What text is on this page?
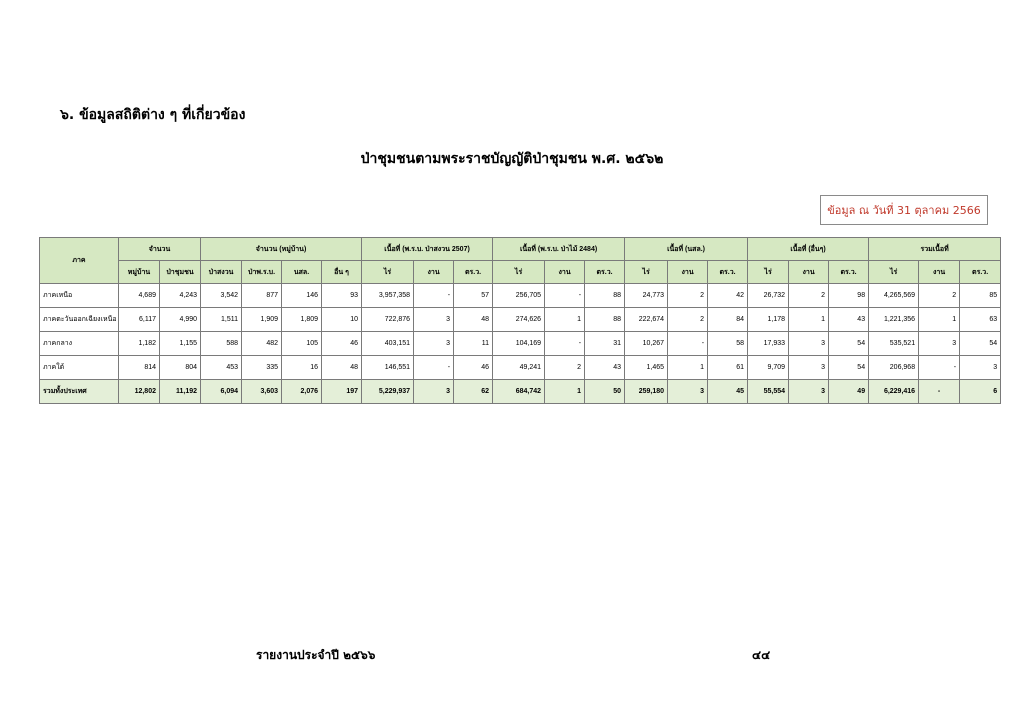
๖. ข้อมูลสถิติต่าง ๆ ที่เกี่ยวข้อง
ป่าชุมชนตามพระราชบัญญัติป่าชุมชน พ.ศ. ๒๕๖๒
ข้อมูล ณ วันที่ 31 ตุลาคม 2566
ภาค	จำนวน		จำนวน (หมู่บ้าน)				เนื้อที่ (พ.ร.บ. ป่าสงวน 2507)			เนื้อที่ (พ.ร.บ. ป่าไม้ 2484)			เนื้อที่ (นสล.)			เนื้อที่ (อื่นๆ)			รวมเนื้อที่		
	หมู่บ้าน	ป่าชุมชน	ป่าสงวน	ป่าพ.ร.บ.	นสล.	อื่น ๆ	ไร่	งาน	ตร.ว.	ไร่	งาน	ตร.ว.	ไร่	งาน	ตร.ว.	ไร่	งาน	ตร.ว.	ไร่	งาน	ตร.ว.
ภาคเหนือ	4,689	4,243	3,542	877	146	93	3,957,358	-	57	256,705	-	88	24,773	2	42	26,732	2	98	4,265,569	2	85
ภาคตะวันออกเฉียงเหนือ	6,117	4,990	1,511	1,909	1,809	10	722,876	3	48	274,626	1	88	222,674	2	84	1,178	1	43	1,221,356	1	63
ภาคกลาง	1,182	1,155	588	482	105	46	403,151	3	11	104,169	-	31	10,267	-	58	17,933	3	54	535,521	3	54
ภาคใต้	814	804	453	335	16	48	146,551	-	46	49,241	2	43	1,465	1	61	9,709	3	54	206,968	-	3
รวมทั้งประเทศ	12,802	11,192	6,094	3,603	2,076	197	5,229,937	3	62	684,742	1	50	259,180	3	45	55,554	3	49	6,229,416	-	6
รายงานประจำปี ๒๕๖๖	๔๔
